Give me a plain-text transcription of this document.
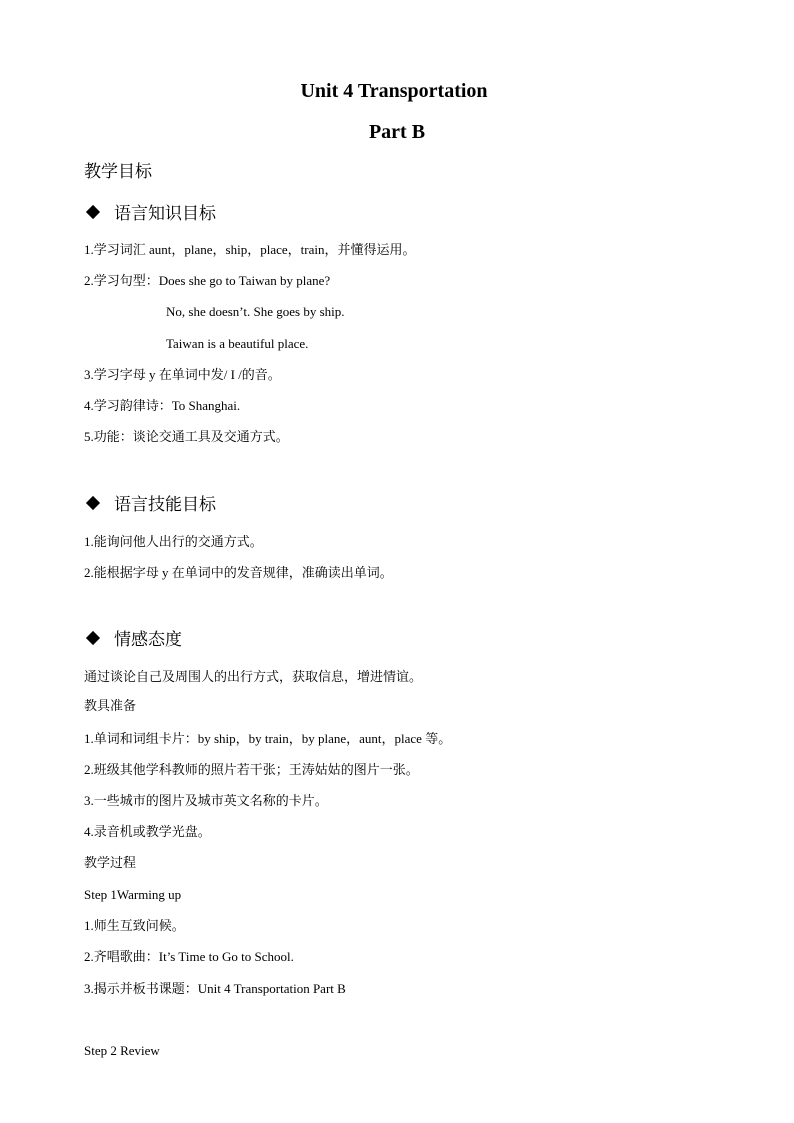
Unit 4 Transportation
Part B
教学目标
语言知识目标
1.学习词汇 aunt，plane，ship，place，train，并懂得运用。
2.学习句型：Does she go to Taiwan by plane?
No, she doesn’t. She goes by ship.
Taiwan is a beautiful place.
3.学习字母 y 在单词中发/ I /的音。
4.学习韵律诗：To Shanghai.
5.功能：谈论交通工具及交通方式。
语言技能目标
1.能询问他人出行的交通方式。
2.能根据字母 y 在单词中的发音规律，准确读出单词。
情感态度
通过谈论自己及周围人的出行方式，获取信息，增进情谊。
教具准备
1.单词和词组卡片：by ship，by train，by plane，aunt，place 等。
2.班级其他学科教师的照片若干张；王涛姑姑的图片一张。
3.一些城市的图片及城市英文名称的卡片。
4.录音机或教学光盘。
教学过程
Step 1Warming up
1.师生互致问候。
2.齐唱歌曲：It’s Time to Go to School.
3.揭示并板书课题：Unit 4 Transportation Part B
Step 2 Review
